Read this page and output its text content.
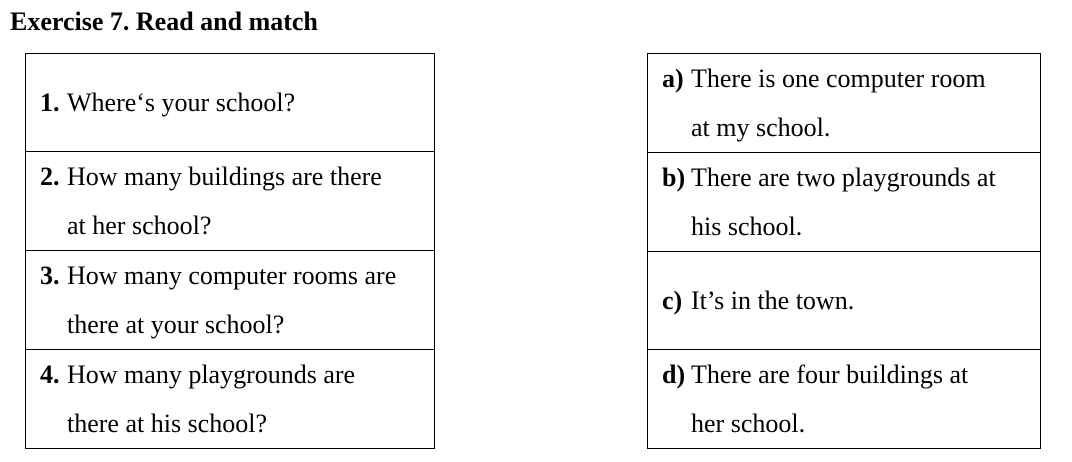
Exercise 7. Read and match
1. Where‘s your school?

2. How many buildings are there
at her school?

3. How many computer rooms are
there at your school?

4. How many playgrounds are
there at his school?
a) There is one computer room
at my school.

b) There are two playgrounds at
his school.

c) It’s in the town.

d) There are four buildings at
her school.
